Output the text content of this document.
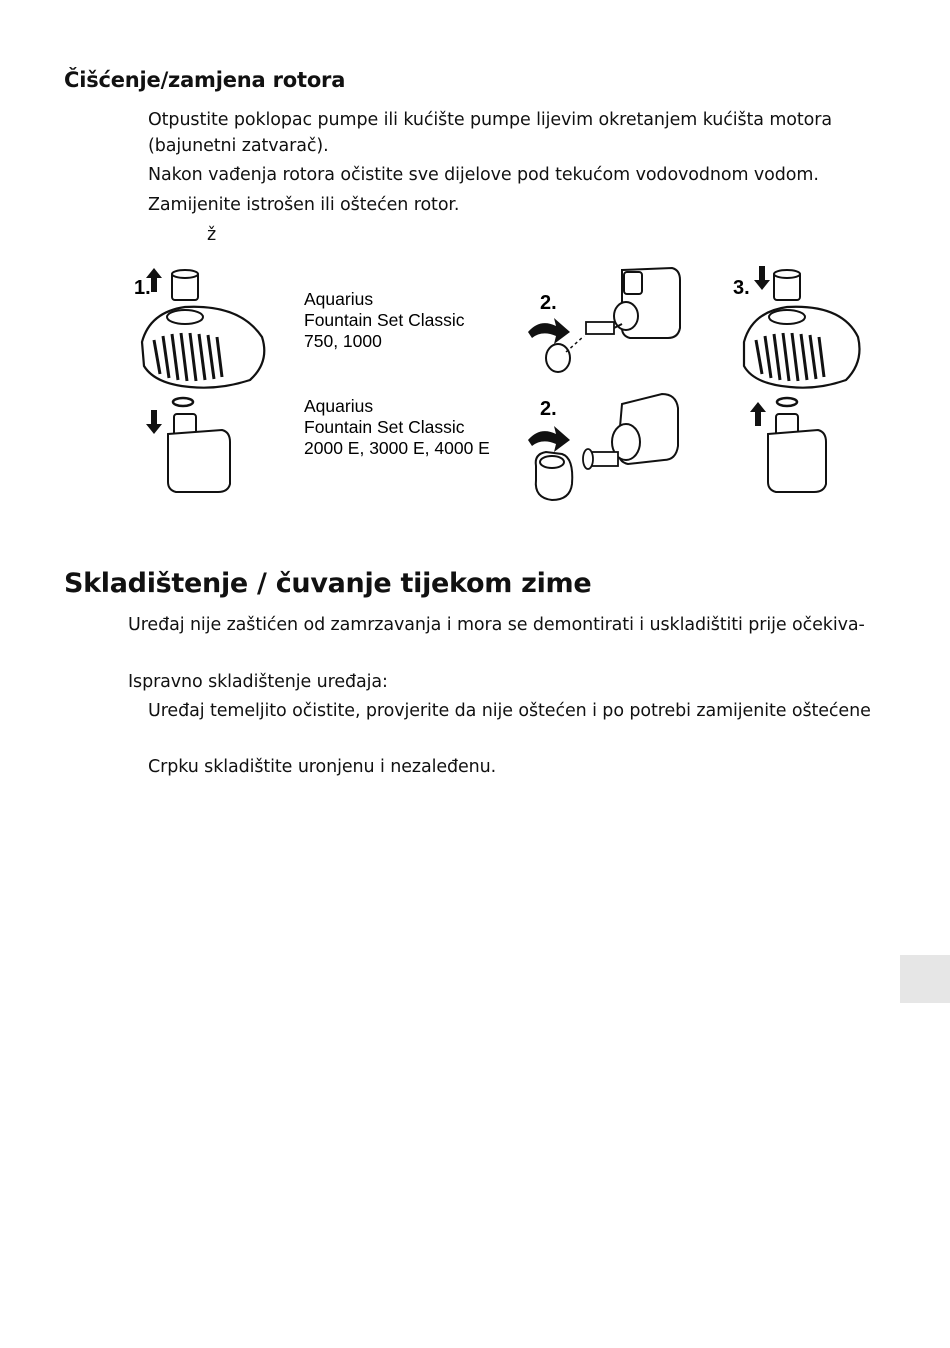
Čišćenje/zamjena rotora
Otpustite poklopac pumpe ili kućište pumpe lijevim okretanjem kućišta motora
(bajunetni zatvarač).
Nakon vađenja rotora očistite sve dijelove pod tekućom vodovodnom vodom.
Zamijenite istrošen ili oštećen rotor.
ž
1.
2.
2.
3.
Aquarius
Fountain Set Classic
750, 1000
Aquarius
Fountain Set Classic
2000 E, 3000 E, 4000 E
Skladištenje / čuvanje tijekom zime
Uređaj nije zaštićen od zamrzavanja i mora se demontirati i uskladištiti prije očekiva-
Ispravno skladištenje uređaja:
Uređaj temeljito očistite, provjerite da nije oštećen i po potrebi zamijenite oštećene
Crpku skladištite uronjenu i nezaleđenu.
